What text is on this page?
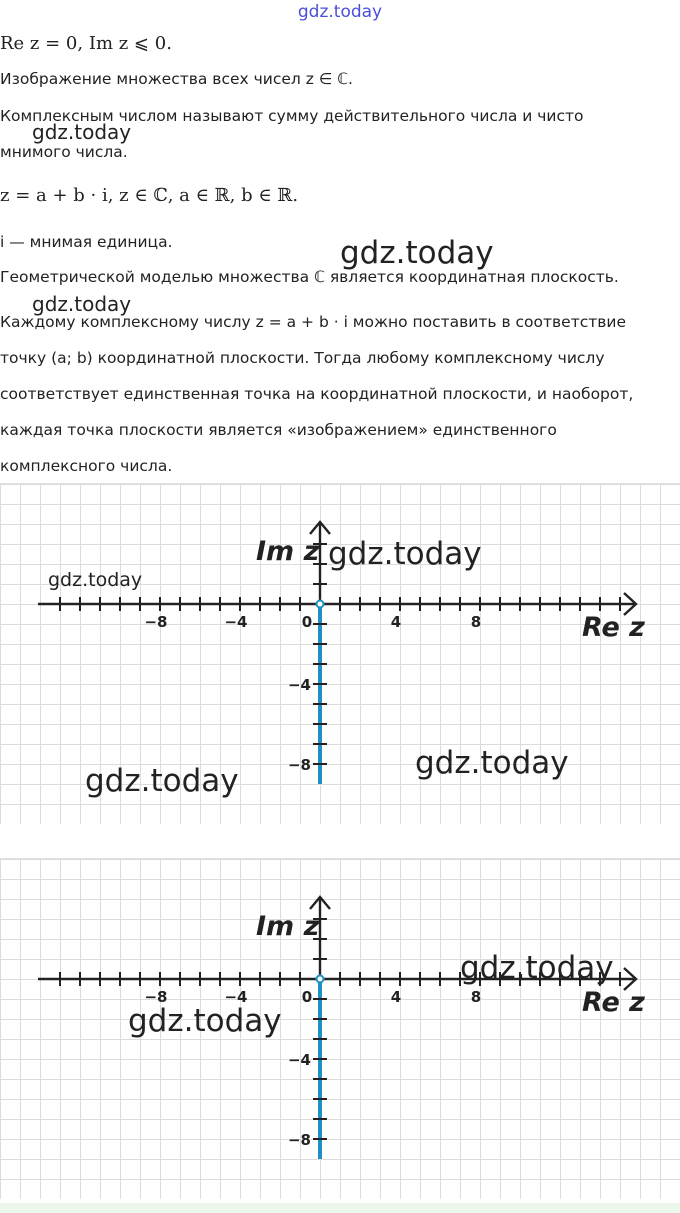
gdz.today
Re z = 0, Im z ⩽ 0.
Изображение множества всех чисел z ∈ ℂ.
Комплексным числом называют сумму действительного числа и чисто
мнимого числа.
z = a + b · i, z ∈ ℂ, a ∈ ℝ, b ∈ ℝ.
i — мнимая единица.
Геометрической моделью множества ℂ является координатная плоскость.
Каждому комплексному числу z = a + b · i можно поставить в соответствие
точку (a; b) координатной плоскости. Тогда любому комплексному числу
соответствует единственная точка на координатной плоскости, и наоборот,
каждая точка плоскости является «изображением» единственного
комплексного числа.
−8	−4	0	4	8
−4
−8
Im z
Re z
−8	−4	0	4	8
−4
−8
Im z
Re z
gdz.today
gdz.today
gdz.today
gdz.today
gdz.today
gdz.today
gdz.today
gdz.today
gdz.today
